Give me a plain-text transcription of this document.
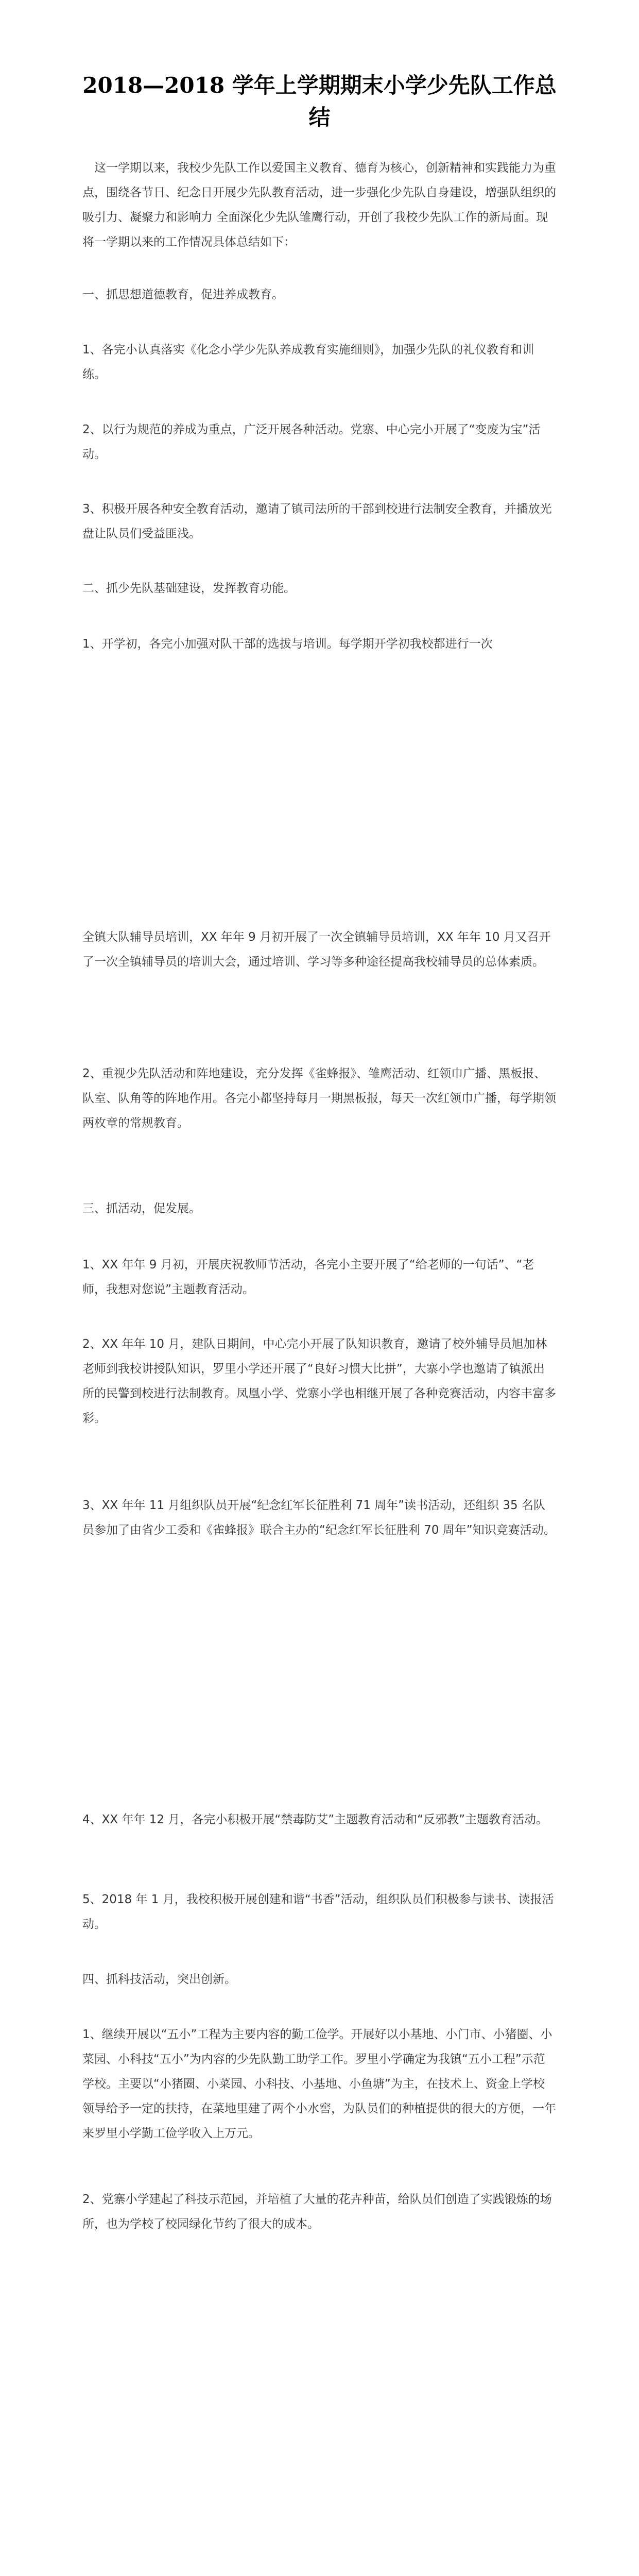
2018—2018 学年上学期期末小学少先队工作总结

这一学期以来，我校少先队工作以爱国主义教育、德育为核心，创新精神和实践能力为重点，围绕各节日、纪念日开展少先队教育活动，进一步强化少先队自身建设，增强队组织的吸引力、凝聚力和影响力 全面深化少先队雏鹰行动，开创了我校少先队工作的新局面。现将一学期以来的工作情况具体总结如下：

一、抓思想道德教育，促进养成教育。

1、各完小认真落实《化念小学少先队养成教育实施细则》，加强少先队的礼仪教育和训练。

2、以行为规范的养成为重点，广泛开展各种活动。党寨、中心完小开展了“变废为宝”活动。

3、积极开展各种安全教育活动，邀请了镇司法所的干部到校进行法制安全教育，并播放光盘让队员们受益匪浅。

二、抓少先队基础建设，发挥教育功能。

1、开学初，各完小加强对队干部的选拔与培训。每学期开学初我校都进行一次

全镇大队辅导员培训，XX 年年 9 月初开展了一次全镇辅导员培训，XX 年年 10 月又召开了一次全镇辅导员的培训大会，通过培训、学习等多种途径提高我校辅导员的总体素质。

2、重视少先队活动和阵地建设，充分发挥《雀蜂报》、雏鹰活动、红领巾广播、黑板报、队室、队角等的阵地作用。各完小都坚持每月一期黑板报，每天一次红领巾广播，每学期领两枚章的常规教育。

三、抓活动，促发展。

1、XX 年年 9 月初，开展庆祝教师节活动，各完小主要开展了“给老师的一句话”、“老师，我想对您说”主题教育活动。

2、XX 年年 10 月，建队日期间，中心完小开展了队知识教育，邀请了校外辅导员旭加林老师到我校讲授队知识，罗里小学还开展了“良好习惯大比拼”，大寨小学也邀请了镇派出所的民警到校进行法制教育。凤凰小学、党寨小学也相继开展了各种竞赛活动，内容丰富多彩。

3、XX 年年 11 月组织队员开展“纪念红军长征胜利 71 周年”读书活动，还组织 35 名队员参加了由省少工委和《雀蜂报》联合主办的“纪念红军长征胜利 70 周年”知识竞赛活动。

4、XX 年年 12 月，各完小积极开展“禁毒防艾”主题教育活动和“反邪教”主题教育活动。

5、2018 年 1 月，我校积极开展创建和谐“书香”活动，组织队员们积极参与读书、读报活动。

四、抓科技活动，突出创新。

1、继续开展以“五小”工程为主要内容的勤工俭学。开展好以小基地、小门市、小猪圈、小菜园、小科技“五小”为内容的少先队勤工助学工作。罗里小学确定为我镇“五小工程”示范学校。主要以“小猪圈、小菜园、小科技、小基地、小鱼塘”为主，在技术上、资金上学校领导给予一定的扶持，在菜地里建了两个小水窖，为队员们的种植提供的很大的方便，一年来罗里小学勤工俭学收入上万元。

2、党寨小学建起了科技示范园，并培植了大量的花卉种苗，给队员们创造了实践锻炼的场所，也为学校了校园绿化节约了很大的成本。
